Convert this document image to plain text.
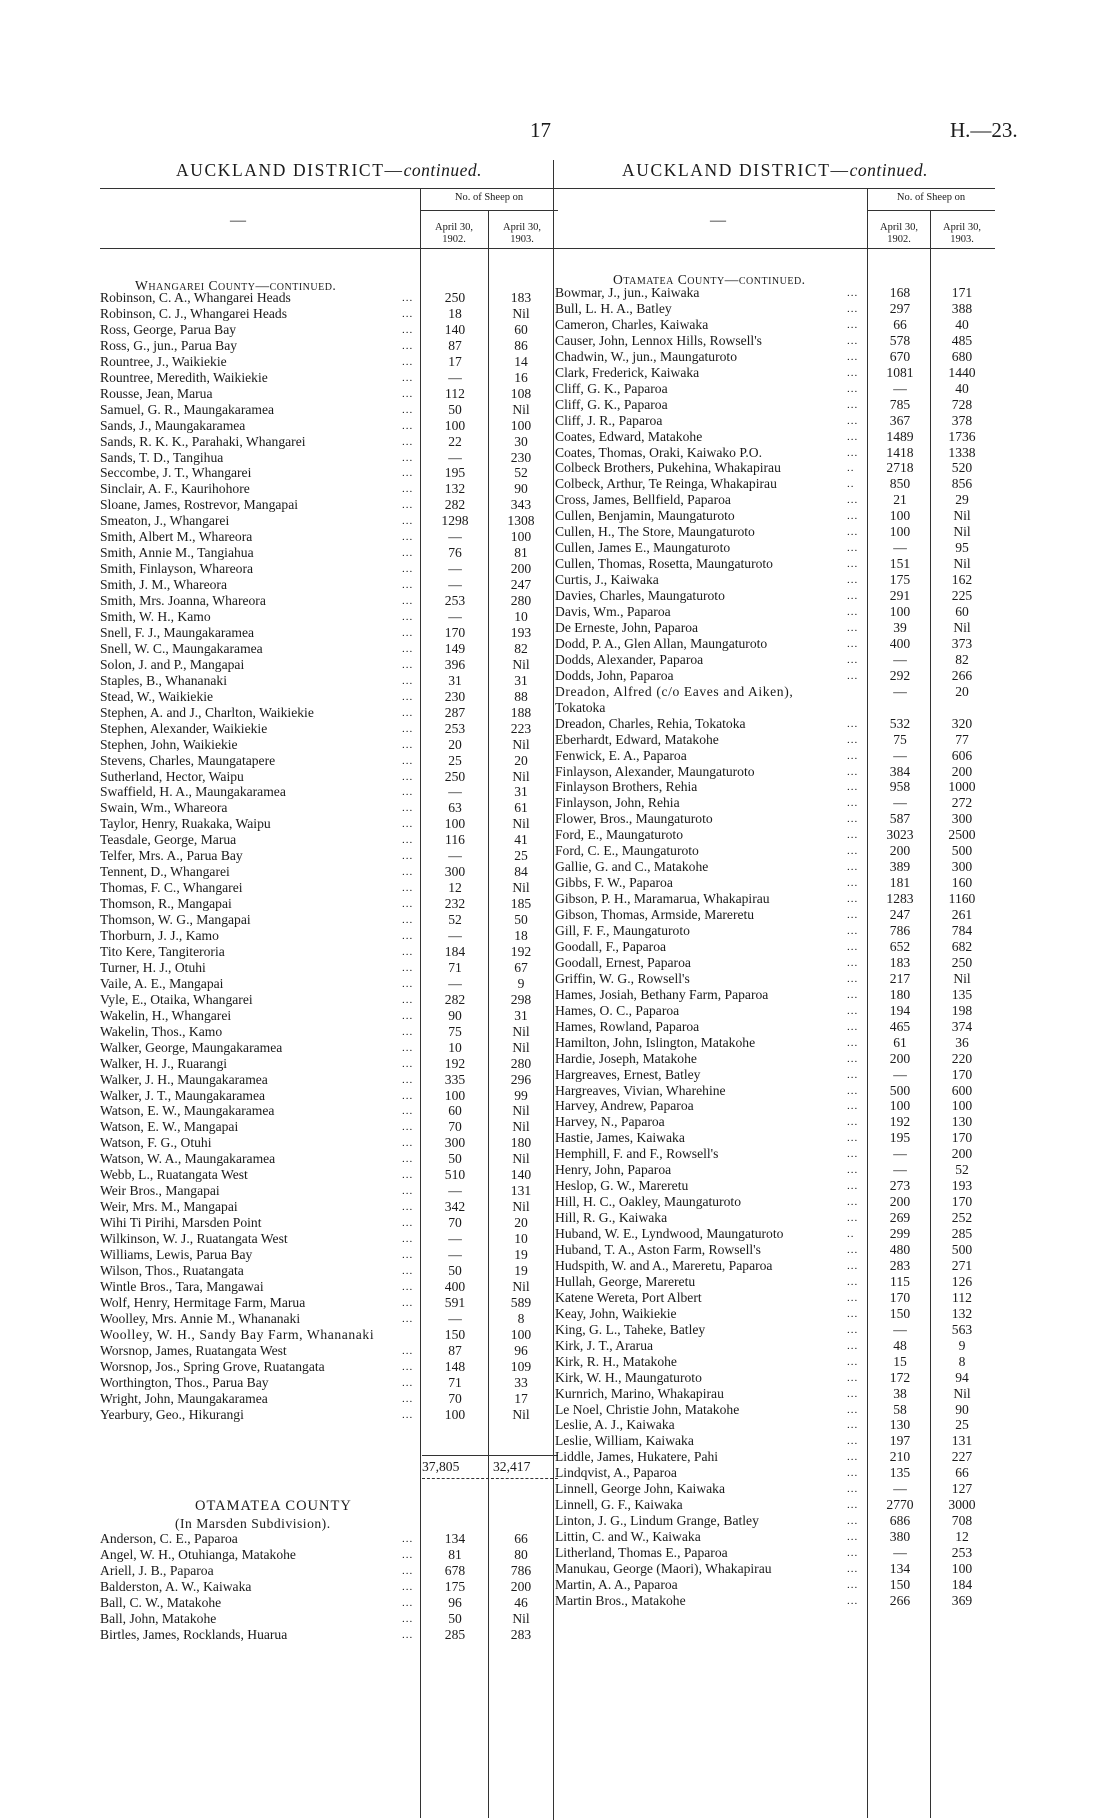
17	H.—23.
AUCKLAND DISTRICT—continued.
No. of Sheep on
April 30,
1902.
April 30,
1903.
—
Whangarei County—continued.
Robinson, C. A., Whangarei Heads	...	250	183
Robinson, C. J., Whangarei Heads	...	18	Nil
Ross, George, Parua Bay	...	140	60
Ross, G., jun., Parua Bay	...	87	86
Rountree, J., Waikiekie	...	17	14
Rountree, Meredith, Waikiekie	...	—	16
Rousse, Jean, Marua	...	112	108
Samuel, G. R., Maungakaramea	...	50	Nil
Sands, J., Maungakaramea	...	100	100
Sands, R. K. K., Parahaki, Whangarei	...	22	30
Sands, T. D., Tangihua	...	—	230
Seccombe, J. T., Whangarei	...	195	52
Sinclair, A. F., Kaurihohore	...	132	90
Sloane, James, Rostrevor, Mangapai	...	282	343
Smeaton, J., Whangarei	...	1298	1308
Smith, Albert M., Whareora	...	—	100
Smith, Annie M., Tangiahua	...	76	81
Smith, Finlayson, Whareora	...	—	200
Smith, J. M., Whareora	...	—	247
Smith, Mrs. Joanna, Whareora	...	253	280
Smith, W. H., Kamo	...	—	10
Snell, F. J., Maungakaramea	...	170	193
Snell, W. C., Maungakaramea	...	149	82
Solon, J. and P., Mangapai	...	396	Nil
Staples, B., Whananaki	...	31	31
Stead, W., Waikiekie	...	230	88
Stephen, A. and J., Charlton, Waikiekie	...	287	188
Stephen, Alexander, Waikiekie	...	253	223
Stephen, John, Waikiekie	...	20	Nil
Stevens, Charles, Maungatapere	...	25	20
Sutherland, Hector, Waipu	...	250	Nil
Swaffield, H. A., Maungakaramea	...	—	31
Swain, Wm., Whareora	...	63	61
Taylor, Henry, Ruakaka, Waipu	...	100	Nil
Teasdale, George, Marua	...	116	41
Telfer, Mrs. A., Parua Bay	...	—	25
Tennent, D., Whangarei	...	300	84
Thomas, F. C., Whangarei	...	12	Nil
Thomson, R., Mangapai	...	232	185
Thomson, W. G., Mangapai	...	52	50
Thorburn, J. J., Kamo	...	—	18
Tito Kere, Tangiteroria	...	184	192
Turner, H. J., Otuhi	...	71	67
Vaile, A. E., Mangapai	...	—	9
Vyle, E., Otaika, Whangarei	...	282	298
Wakelin, H., Whangarei	...	90	31
Wakelin, Thos., Kamo	...	75	Nil
Walker, George, Maungakaramea	...	10	Nil
Walker, H. J., Ruarangi	...	192	280
Walker, J. H., Maungakaramea	...	335	296
Walker, J. T., Maungakaramea	...	100	99
Watson, E. W., Maungakaramea	...	60	Nil
Watson, E. W., Mangapai	...	70	Nil
Watson, F. G., Otuhi	...	300	180
Watson, W. A., Maungakaramea	...	50	Nil
Webb, L., Ruatangata West	...	510	140
Weir Bros., Mangapai	...	—	131
Weir, Mrs. M., Mangapai	...	342	Nil
Wihi Ti Pirihi, Marsden Point	...	70	20
Wilkinson, W. J., Ruatangata West	...	—	10
Williams, Lewis, Parua Bay	...	—	19
Wilson, Thos., Ruatangata	...	50	19
Wintle Bros., Tara, Mangawai	...	400	Nil
Wolf, Henry, Hermitage Farm, Marua	...	591	589
Woolley, Mrs. Annie M., Whananaki	...	—	8
Woolley, W. H., Sandy Bay Farm, Whananaki	150	100
Worsnop, James, Ruatangata West	...	87	96
Worsnop, Jos., Spring Grove, Ruatangata	...	148	109
Worthington, Thos., Parua Bay	...	71	33
Wright, John, Maungakaramea	...	70	17
Yearbury, Geo., Hikurangi	...	100	Nil
37,805 32,417
OTAMATEA COUNTY
(In Marsden Subdivision).
Anderson, C. E., Paparoa	...	134	66
Angel, W. H., Otuhianga, Matakohe	...	81	80
Ariell, J. B., Paparoa	...	678	786
Balderston, A. W., Kaiwaka	...	175	200
Ball, C. W., Matakohe	...	96	46
Ball, John, Matakohe	...	50	Nil
Birtles, James, Rocklands, Huarua	...	285	283
AUCKLAND DISTRICT—continued.
No. of Sheep on
April 30,
1902.
April 30,
1903.
—
Otamatea County—continued.
Bowmar, J., jun., Kaiwaka	...	168	171
Bull, L. H. A., Batley	...	297	388
Cameron, Charles, Kaiwaka	...	66	40
Causer, John, Lennox Hills, Rowsell's	...	578	485
Chadwin, W., jun., Maungaturoto	...	670	680
Clark, Frederick, Kaiwaka	...	1081	1440
Cliff, G. K., Paparoa	...	—	40
Cliff, G. K., Paparoa	...	785	728
Cliff, J. R., Paparoa	...	367	378
Coates, Edward, Matakohe	...	1489	1736
Coates, Thomas, Oraki, Kaiwako P.O.	...	1418	1338
Colbeck Brothers, Pukehina, Whakapirau	..	2718	520
Colbeck, Arthur, Te Reinga, Whakapirau	..	850	856
Cross, James, Bellfield, Paparoa	...	21	29
Cullen, Benjamin, Maungaturoto	...	100	Nil
Cullen, H., The Store, Maungaturoto	...	100	Nil
Cullen, James E., Maungaturoto	...	—	95
Cullen, Thomas, Rosetta, Maungaturoto	...	151	Nil
Curtis, J., Kaiwaka	...	175	162
Davies, Charles, Maungaturoto	...	291	225
Davis, Wm., Paparoa	...	100	60
De Erneste, John, Paparoa	...	39	Nil
Dodd, P. A., Glen Allan, Maungaturoto	...	400	373
Dodds, Alexander, Paparoa	...	—	82
Dodds, John, Paparoa	...	292	266
Dreadon, Alfred (c/o Eaves and Aiken),	—	20
Tokatoka
Dreadon, Charles, Rehia, Tokatoka	...	532	320
Eberhardt, Edward, Matakohe	...	75	77
Fenwick, E. A., Paparoa	...	—	606
Finlayson, Alexander, Maungaturoto	...	384	200
Finlayson Brothers, Rehia	...	958	1000
Finlayson, John, Rehia	...	—	272
Flower, Bros., Maungaturoto	...	587	300
Ford, E., Maungaturoto	...	3023	2500
Ford, C. E., Maungaturoto	...	200	500
Gallie, G. and C., Matakohe	...	389	300
Gibbs, F. W., Paparoa	...	181	160
Gibson, P. H., Maramarua, Whakapirau	...	1283	1160
Gibson, Thomas, Armside, Mareretu	...	247	261
Gill, F. F., Maungaturoto	...	786	784
Goodall, F., Paparoa	...	652	682
Goodall, Ernest, Paparoa	...	183	250
Griffin, W. G., Rowsell's	...	217	Nil
Hames, Josiah, Bethany Farm, Paparoa	...	180	135
Hames, O. C., Paparoa	...	194	198
Hames, Rowland, Paparoa	...	465	374
Hamilton, John, Islington, Matakohe	...	61	36
Hardie, Joseph, Matakohe	...	200	220
Hargreaves, Ernest, Batley	...	—	170
Hargreaves, Vivian, Wharehine	...	500	600
Harvey, Andrew, Paparoa	...	100	100
Harvey, N., Paparoa	...	192	130
Hastie, James, Kaiwaka	...	195	170
Hemphill, F. and F., Rowsell's	...	—	200
Henry, John, Paparoa	...	—	52
Heslop, G. W., Mareretu	...	273	193
Hill, H. C., Oakley, Maungaturoto	...	200	170
Hill, R. G., Kaiwaka	...	269	252
Huband, W. E., Lyndwood, Maungaturoto	..	299	285
Huband, T. A., Aston Farm, Rowsell's	...	480	500
Hudspith, W. and A., Mareretu, Paparoa	...	283	271
Hullah, George, Mareretu	...	115	126
Katene Wereta, Port Albert	...	170	112
Keay, John, Waikiekie	...	150	132
King, G. L., Taheke, Batley	...	—	563
Kirk, J. T., Ararua	...	48	9
Kirk, R. H., Matakohe	...	15	8
Kirk, W. H., Maungaturoto	...	172	94
Kurnrich, Marino, Whakapirau	...	38	Nil
Le Noel, Christie John, Matakohe	...	58	90
Leslie, A. J., Kaiwaka	...	130	25
Leslie, William, Kaiwaka	...	197	131
Liddle, James, Hukatere, Pahi	...	210	227
Lindqvist, A., Paparoa	...	135	66
Linnell, George John, Kaiwaka	...	—	127
Linnell, G. F., Kaiwaka	...	2770	3000
Linton, J. G., Lindum Grange, Batley	...	686	708
Littin, C. and W., Kaiwaka	...	380	12
Litherland, Thomas E., Paparoa	...	—	253
Manukau, George (Maori), Whakapirau	...	134	100
Martin, A. A., Paparoa	...	150	184
Martin Bros., Matakohe	...	266	369
